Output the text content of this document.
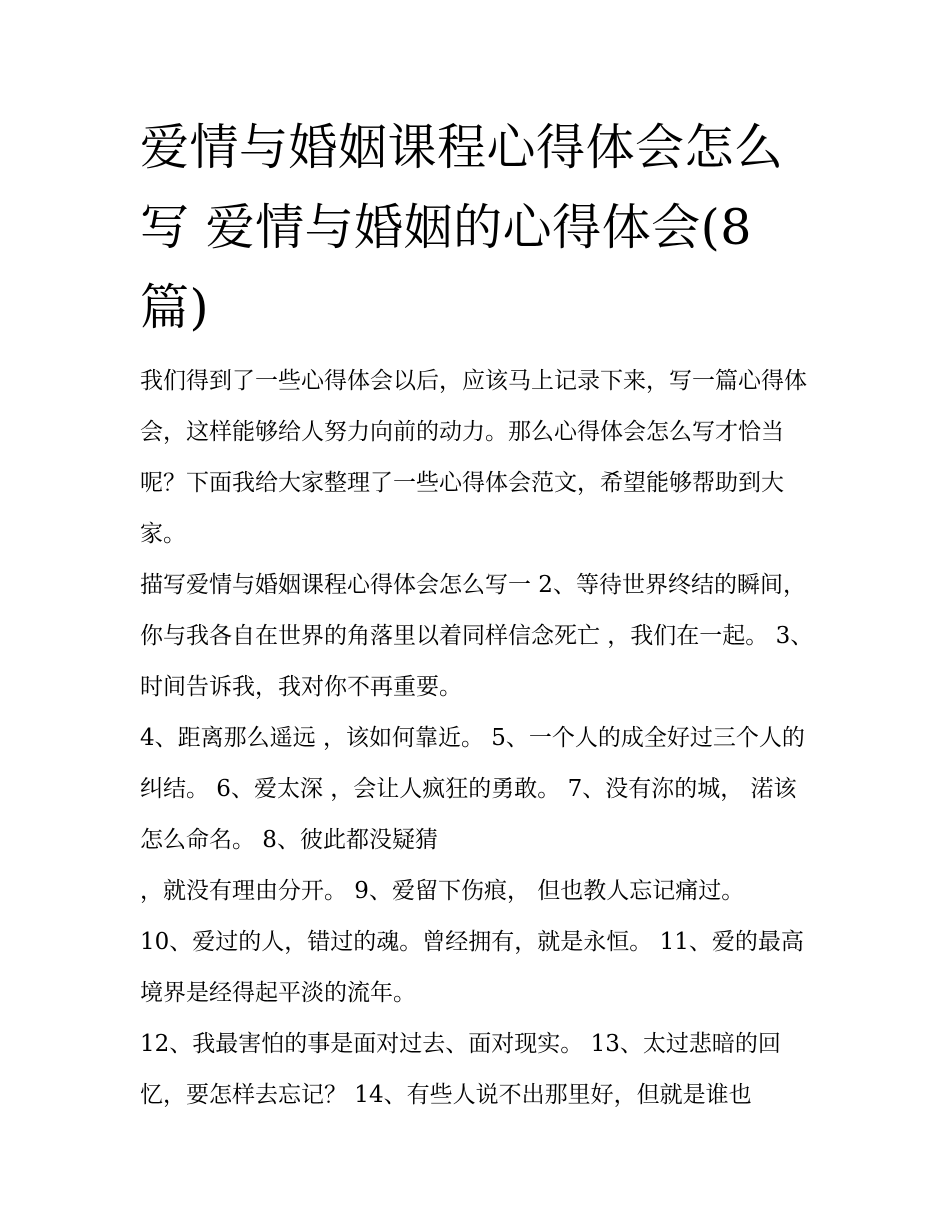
爱情与婚姻课程心得体会怎么写 爱情与婚姻的心得体会(8篇)

我们得到了一些心得体会以后，应该马上记录下来，写一篇心得体会，这样能够给人努力向前的动力。那么心得体会怎么写才恰当呢？下面我给大家整理了一些心得体会范文，希望能够帮助到大家。

描写爱情与婚姻课程心得体会怎么写一 2、等待世界终结的瞬间，你与我各自在世界的角落里以着同样信念死亡 ，我们在一起。 3、时间告诉我，我对你不再重要。

4、距离那么遥远 ，该如何靠近。 5、一个人的成全好过三个人的纠结。 6、爱太深 ，会让人疯狂的勇敢。 7、没有沵的城， 渃该怎么命名。 8、彼此都没疑猜

，就没有理由分开。 9、爱留下伤痕， 但也教人忘记痛过。

10、爱过的人，错过的魂。曾经拥有，就是永恒。 11、爱的最高境界是经得起平淡的流年。

12、我最害怕的事是面对过去、面对现实。 13、太过悲暗的回忆，要怎样去忘记？ 14、有些人说不出那里好，但就是谁也
